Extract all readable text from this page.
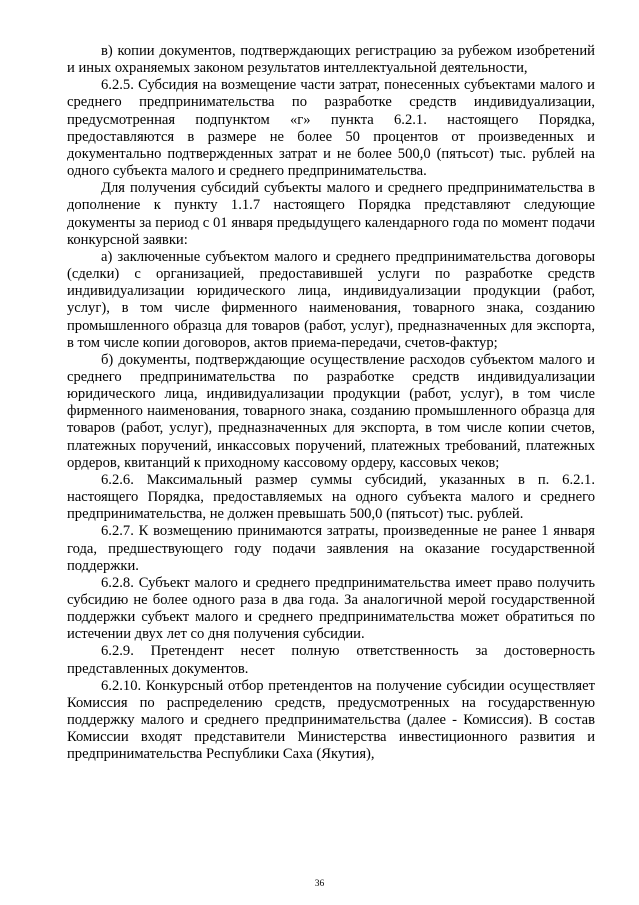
в) копии документов, подтверждающих регистрацию за рубежом изобретений и иных охраняемых законом результатов интеллектуальной деятельности,

6.2.5. Субсидия на возмещение части затрат, понесенных субъектами малого и среднего предпринимательства по разработке средств индивидуализации, предусмотренная подпунктом «г» пункта 6.2.1. настоящего Порядка, предоставляются в размере не более 50 процентов от произведенных и документально подтвержденных затрат и не более 500,0 (пятьсот) тыс. рублей на одного субъекта малого и среднего предпринимательства.

Для получения субсидий субъекты малого и среднего предпринимательства в дополнение к пункту 1.1.7 настоящего Порядка представляют следующие документы за период с 01 января предыдущего календарного года по момент подачи конкурсной заявки:

а) заключенные субъектом малого и среднего предпринимательства договоры (сделки) с организацией, предоставившей услуги по разработке средств индивидуализации юридического лица, индивидуализации продукции (работ, услуг), в том числе фирменного наименования, товарного знака, созданию промышленного образца для товаров (работ, услуг), предназначенных для экспорта, в том числе копии договоров, актов приема-передачи, счетов-фактур;

б) документы, подтверждающие осуществление расходов субъектом малого и среднего предпринимательства по разработке средств индивидуализации юридического лица, индивидуализации продукции (работ, услуг), в том числе фирменного наименования, товарного знака, созданию промышленного образца для товаров (работ, услуг), предназначенных для экспорта, в том числе копии счетов, платежных поручений, инкассовых поручений, платежных требований, платежных ордеров, квитанций к приходному кассовому ордеру, кассовых чеков;

6.2.6. Максимальный размер суммы субсидий, указанных в п. 6.2.1. настоящего Порядка, предоставляемых на одного субъекта малого и среднего предпринимательства, не должен превышать 500,0 (пятьсот) тыс. рублей.

6.2.7. К возмещению принимаются затраты, произведенные не ранее 1 января года, предшествующего году подачи заявления на оказание государственной поддержки.

6.2.8. Субъект малого и среднего предпринимательства имеет право получить субсидию не более одного раза в два года. За аналогичной мерой государственной поддержки субъект малого и среднего предпринимательства может обратиться по истечении двух лет со дня получения субсидии.

6.2.9. Претендент несет полную ответственность за достоверность представленных документов.

6.2.10. Конкурсный отбор претендентов на получение субсидии осуществляет Комиссия по распределению средств, предусмотренных на государственную поддержку малого и среднего предпринимательства (далее - Комиссия). В состав Комиссии входят представители Министерства инвестиционного развития и предпринимательства Республики Саха (Якутия),

36
